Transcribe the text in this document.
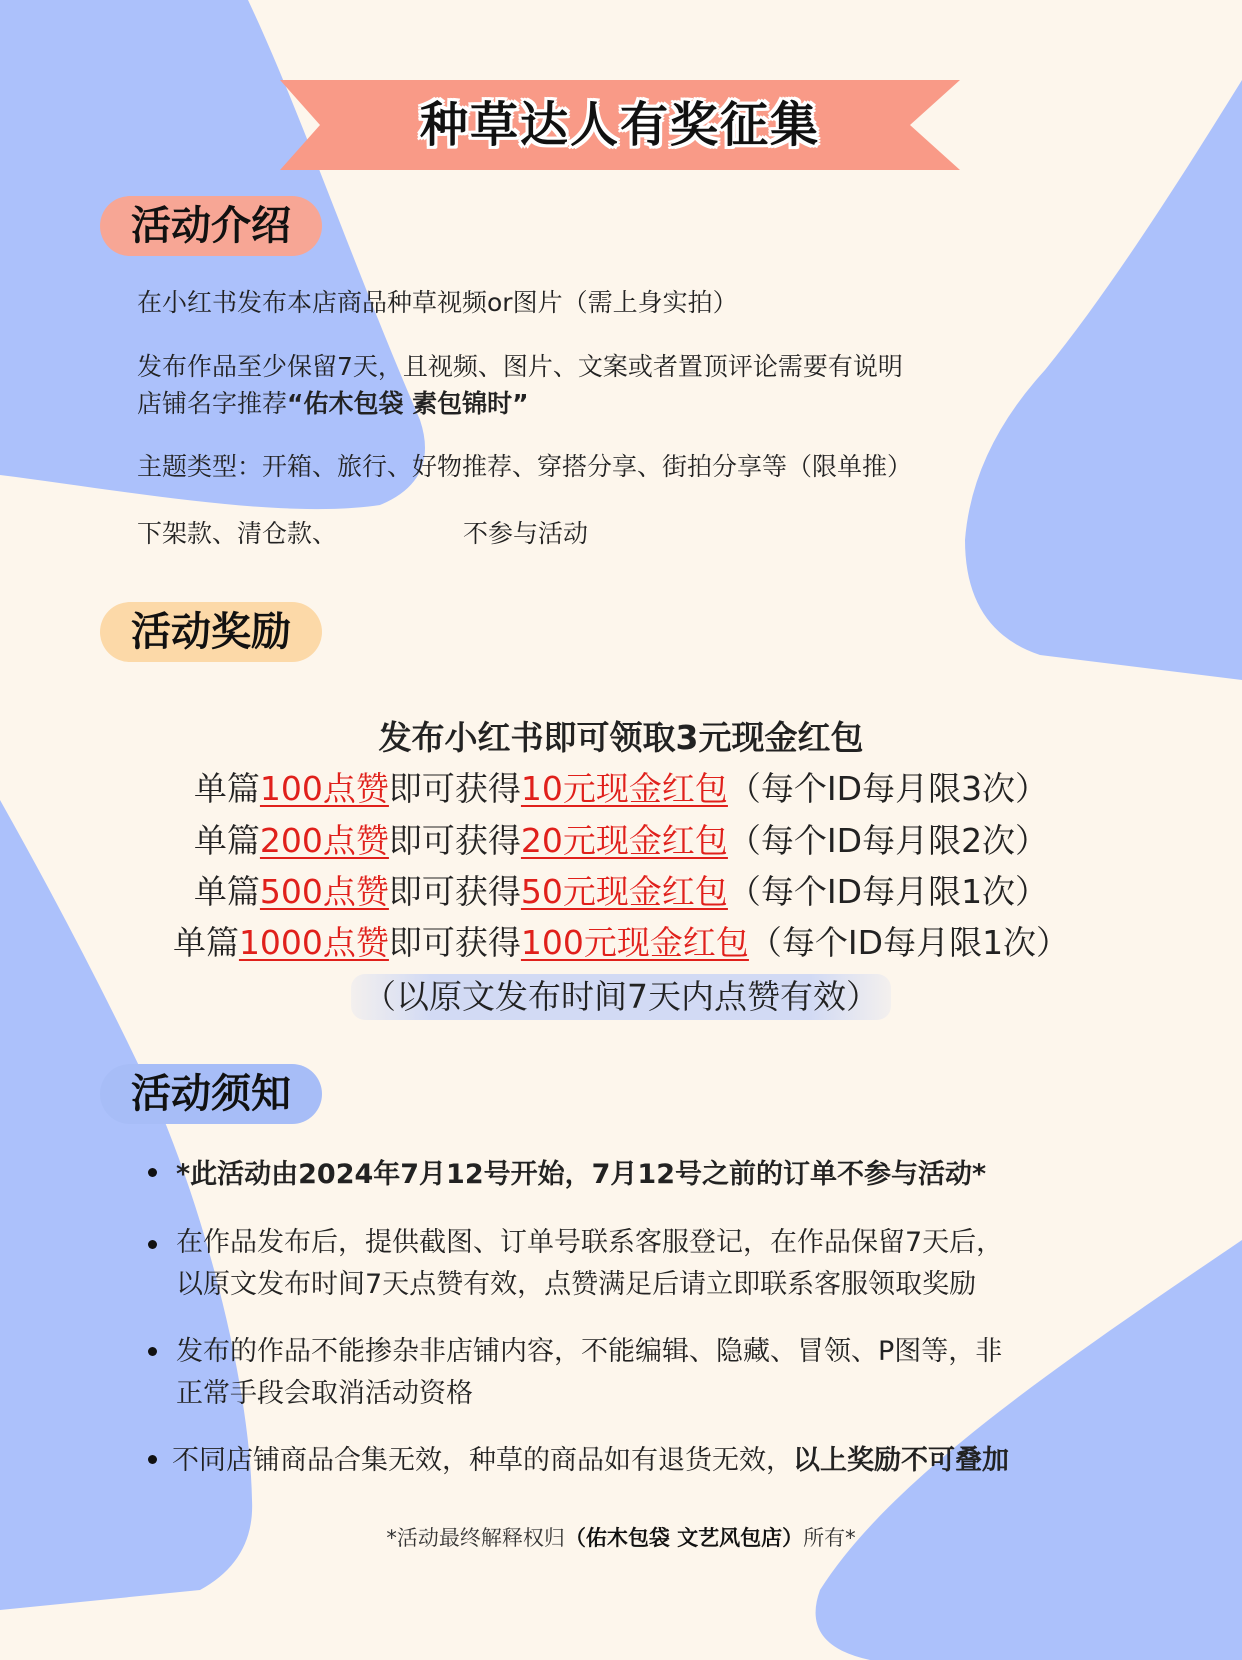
种草达人有奖征集
活动介绍
在小红书发布本店商品种草视频or图片（需上身实拍）
发布作品至少保留7天，且视频、图片、文案或者置顶评论需要有说明
店铺名字推荐“佑木包袋 素包锦时”
主题类型：开箱、旅行、好物推荐、穿搭分享、街拍分享等（限单推）
下架款、清仓款、	不参与活动
活动奖励
发布小红书即可领取3元现金红包
单篇100点赞即可获得10元现金红包（每个ID每月限3次）
单篇200点赞即可获得20元现金红包（每个ID每月限2次）
单篇500点赞即可获得50元现金红包（每个ID每月限1次）
单篇1000点赞即可获得100元现金红包（每个ID每月限1次）
（以原文发布时间7天内点赞有效）
活动须知
*此活动由2024年7月12号开始，7月12号之前的订单不参与活动*
在作品发布后，提供截图、订单号联系客服登记，在作品保留7天后，
以原文发布时间7天点赞有效，点赞满足后请立即联系客服领取奖励
发布的作品不能掺杂非店铺内容，不能编辑、隐藏、冒领、P图等，非
正常手段会取消活动资格
不同店铺商品合集无效，种草的商品如有退货无效，以上奖励不可叠加
*活动最终解释权归（佑木包袋 文艺风包店）所有*
